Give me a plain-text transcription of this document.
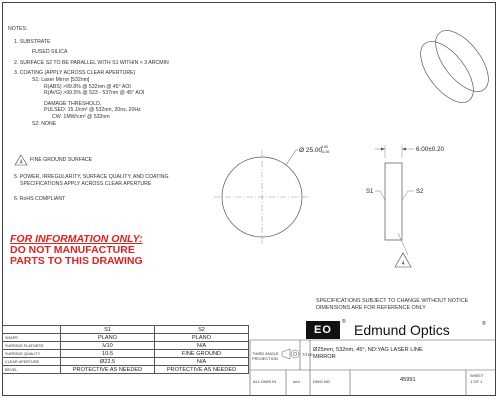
NOTES:
1. SUBSTRATE
FUSED SILICA
2. SURFACE S2 TO BE PARALLEL WITH S1 WITHIN < 3 ARCMIN
3. COATING (APPLY ACROSS CLEAR APERTURE)
S1: Laser Mirror [532nm]
R(ABS) >99.8% @ 532nm @ 45° AOI
R(AVG) >99.5% @ 523 - 537nm @ 45° AOI
DAMAGE THRESHOLD,
PULSED: 15 J/cm² @ 532nm, 20ns, 20Hz
CW: 1MW/cm² @ 532nm
S2: NONE
4 FINE GROUND SURFACE
5. POWER, IRREGULARITY, SURFACE QUALITY, AND COATING
SPECIFICATIONS APPLY ACROSS CLEAR APERTURE
6. RoHS COMPLIANT
FOR INFORMATION ONLY:
DO NOT MANUFACTURE
PARTS TO THIS DRAWING
Ø 25.00
0.00
-0.20	6.00±0.20
S1	S2
4
SPECIFICATIONS SUBJECT TO CHANGE WITHOUT NOTICE
DIMENSIONS ARE FOR REFERENCE ONLY
EO
® Edmund Optics	®
	S1	S2
SHAPE	PLANO	PLANO
SURFACE FLATNESS	λ/10	N/A
SURFACE QUALITY	10-5	FINE GROUND
CLEAR APERTURE	Ø22.5	N/A
BEVEL	PROTECTIVE AS NEEDED	PROTECTIVE AS NEEDED
THIRD ANGLE PROJECTION
TITLE
Ø25mm, 532nm, 45°, ND:YAG LASER LINE
MIRROR
ALL DIMS IN	mm	DWG NO	45991
SHEET
1 OF 1
